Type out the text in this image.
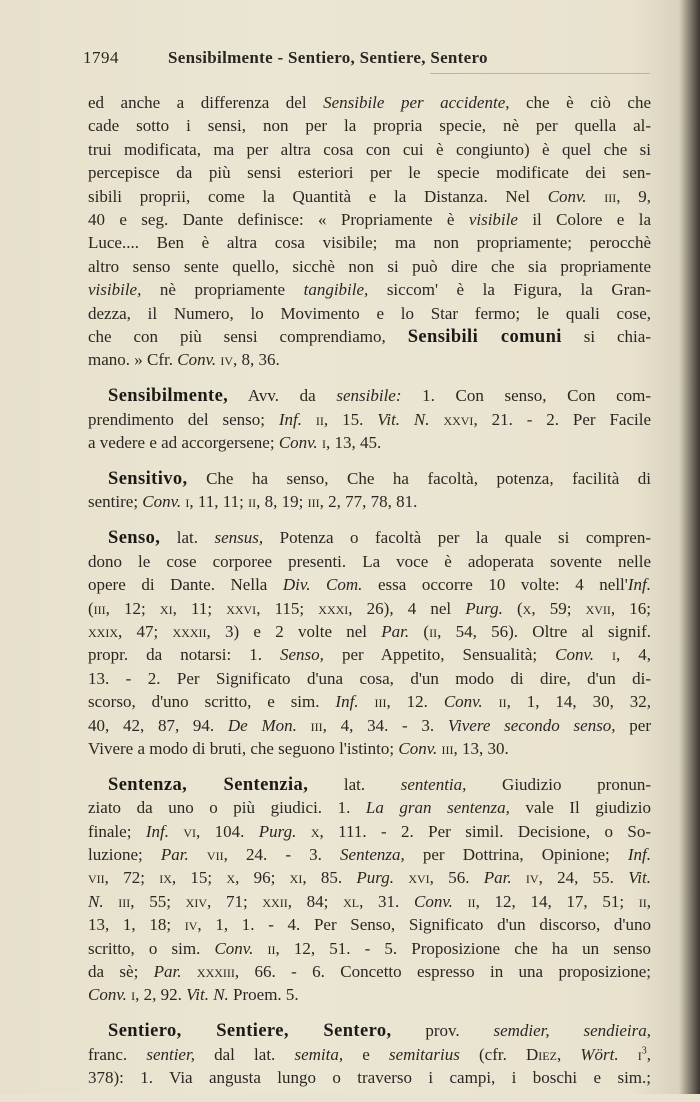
1794	Sensibilmente - Sentiero, Sentiere, Sentero
ed anche a differenza del Sensibile per accidente, che è ciò che
cade sotto i sensi, non per la propria specie, nè per quella al-
trui modificata, ma per altra cosa con cui è congiunto) è quel che si
percepisce da più sensi esteriori per le specie modificate dei sen-
sibili proprii, come la Quantità e la Distanza. Nel Conv. iii, 9,
40 e seg. Dante definisce: « Propriamente è visibile il Colore e la
Luce.... Ben è altra cosa visibile; ma non propriamente; perocchè
altro senso sente quello, sicchè non si può dire che sia propriamente
visibile, nè propriamente tangibile, siccom' è la Figura, la Gran-
dezza, il Numero, lo Movimento e lo Star fermo; le quali cose,
che con più sensi comprendiamo, Sensibili comuni si chia-
mano. » Cfr. Conv. iv, 8, 36.
Sensibilmente, Avv. da sensibile: 1. Con senso, Con com-
prendimento del senso; Inf. ii, 15. Vit. N. xxvi, 21. - 2. Per Facile
a vedere e ad accorgersene; Conv. i, 13, 45.
Sensitivo, Che ha senso, Che ha facoltà, potenza, facilità di
sentire; Conv. i, 11, 11; ii, 8, 19; iii, 2, 77, 78, 81.
Senso, lat. sensus, Potenza o facoltà per la quale si compren-
dono le cose corporee presenti. La voce è adoperata sovente nelle
opere di Dante. Nella Div. Com. essa occorre 10 volte: 4 nell'Inf.
(iii, 12; xi, 11; xxvi, 115; xxxi, 26), 4 nel Purg. (x, 59; xvii, 16;
xxix, 47; xxxii, 3) e 2 volte nel Par. (ii, 54, 56). Oltre al signif.
propr. da notarsi: 1. Senso, per Appetito, Sensualità; Conv. i, 4,
13. - 2. Per Significato d'una cosa, d'un modo di dire, d'un di-
scorso, d'uno scritto, e sim. Inf. iii, 12. Conv. ii, 1, 14, 30, 32,
40, 42, 87, 94. De Mon. iii, 4, 34. - 3. Vivere secondo senso, per
Vivere a modo di bruti, che seguono l'istinto; Conv. iii, 13, 30.
Sentenza, Sentenzia, lat. sententia, Giudizio pronun-
ziato da uno o più giudici. 1. La gran sentenza, vale Il giudizio
finale; Inf. vi, 104. Purg. x, 111. - 2. Per simil. Decisione, o So-
luzione; Par. vii, 24. - 3. Sentenza, per Dottrina, Opinione; Inf.
vii, 72; ix, 15; x, 96; xi, 85. Purg. xvi, 56. Par. iv, 24, 55. Vit.
N. iii, 55; xiv, 71; xxii, 84; xl, 31. Conv. ii, 12, 14, 17, 51; ii,
13, 1, 18; iv, 1, 1. - 4. Per Senso, Significato d'un discorso, d'uno
scritto, o sim. Conv. ii, 12, 51. - 5. Proposizione che ha un senso
da sè; Par. xxxiii, 66. - 6. Concetto espresso in una proposizione;
Conv. i, 2, 92. Vit. N. Proem. 5.
Sentiero, Sentiere, Sentero, prov. semdier, sendieira,
franc. sentier, dal lat. semita, e semitarius (cfr. Diez, Wört. $i^3$,
378): 1. Via angusta lungo o traverso i campi, i boschi e sim.;
